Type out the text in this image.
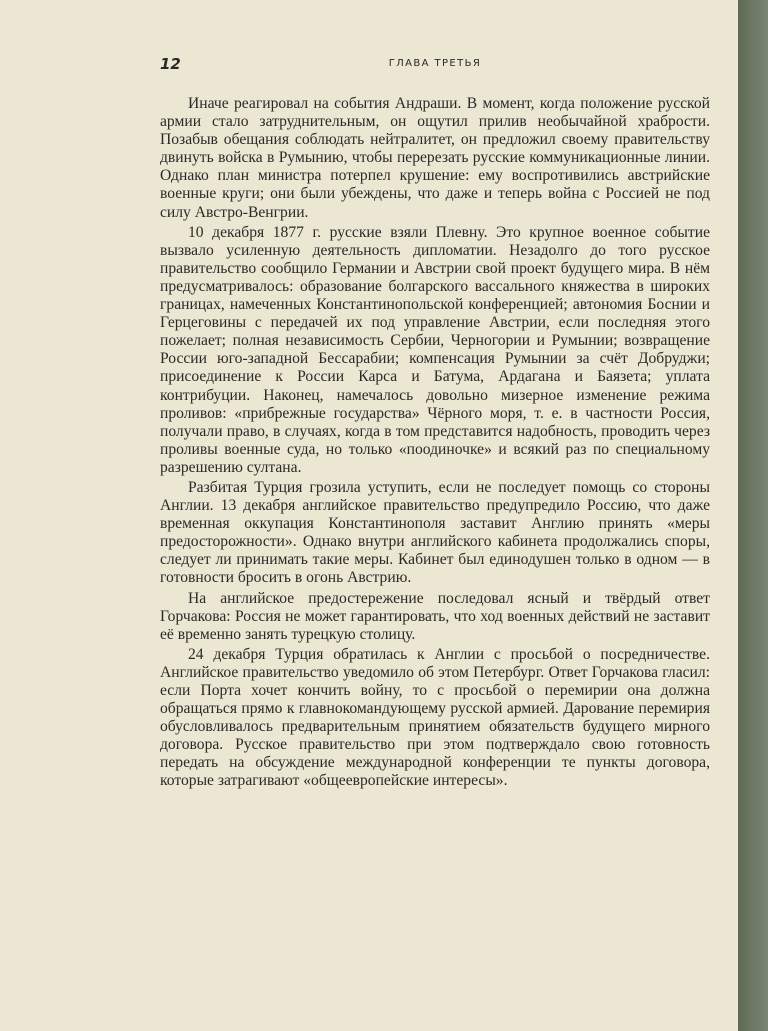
12	ГЛАВА ТРЕТЬЯ

Иначе реагировал на события Андраши. В момент, когда положение русской армии стало затруднительным, он ощутил прилив необычайной храбрости. Позабыв обещания соблюдать нейтралитет, он предложил своему правительству двинуть войска в Румынию, чтобы перерезать русские коммуникационные линии. Однако план министра потерпел крушение: ему воспротивились австрийские военные круги; они были убеждены, что даже и теперь война с Россией не под силу Австро-Венгрии.

10 декабря 1877 г. русские взяли Плевну. Это крупное военное событие вызвало усиленную деятельность дипломатии. Незадолго до того русское правительство сообщило Германии и Австрии свой проект будущего мира. В нём предусматривалось: образование болгарского вассального княжества в широких границах, намеченных Константинопольской конференцией; автономия Боснии и Герцеговины с передачей их под управление Австрии, если последняя этого пожелает; полная независимость Сербии, Черногории и Румынии; возвращение России юго-западной Бессарабии; компенсация Румынии за счёт Добруджи; присоединение к России Карса и Батума, Ардагана и Баязета; уплата контрибуции. Наконец, намечалось довольно мизерное изменение режима проливов: «прибрежные государства» Чёрного моря, т. е. в частности Россия, получали право, в случаях, когда в том представится надобность, проводить через проливы военные суда, но только «поодиночке» и всякий раз по специальному разрешению султана.

Разбитая Турция грозила уступить, если не последует помощь со стороны Англии. 13 декабря английское правительство предупредило Россию, что даже временная оккупация Константинополя заставит Англию принять «меры предосторожности». Однако внутри английского кабинета продолжались споры, следует ли принимать такие меры. Кабинет был единодушен только в одном — в готовности бросить в огонь Австрию.

На английское предостережение последовал ясный и твёрдый ответ Горчакова: Россия не может гарантировать, что ход военных действий не заставит её временно занять турецкую столицу.

24 декабря Турция обратилась к Англии с просьбой о посредничестве. Английское правительство уведомило об этом Петербург. Ответ Горчакова гласил: если Порта хочет кончить войну, то с просьбой о перемирии она должна обращаться прямо к главнокомандующему русской армией. Дарование перемирия обусловливалось предварительным принятием обязательств будущего мирного договора. Русское правительство при этом подтверждало свою готовность передать на обсуждение международной конференции те пункты договора, которые затрагивают «общеевропейские интересы».
